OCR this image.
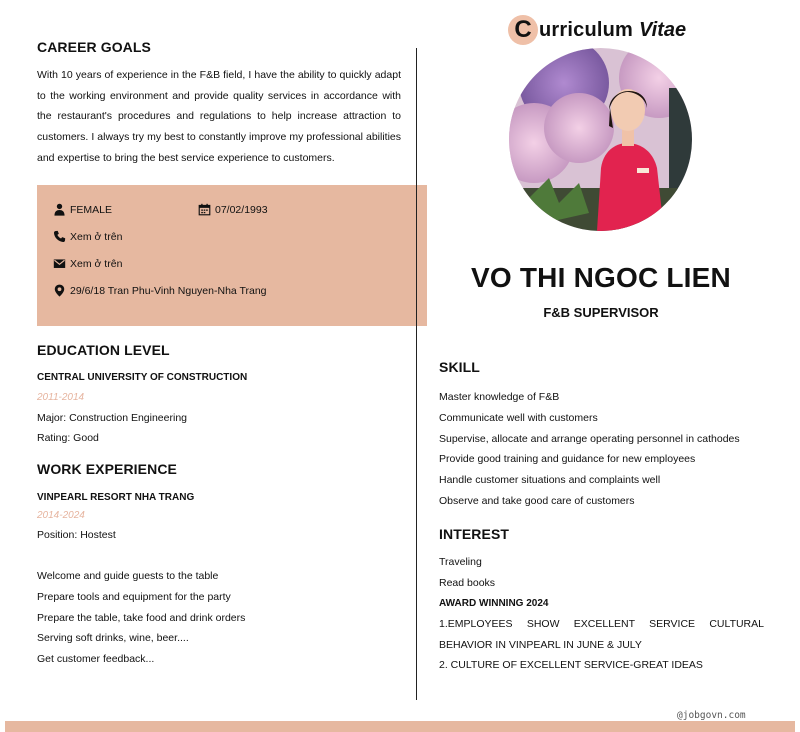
CAREER GOALS

With 10 years of experience in the F&B field, I have the ability to quickly adapt to the working environment and provide quality services in accordance with the restaurant's procedures and regulations to help increase attraction to customers. I always try my best to constantly improve my professional abilities and expertise to bring the best service experience to customers.

FEMALE	07/02/1993
Xem ở trên
Xem ở trên
29/6/18 Tran Phu-Vinh Nguyen-Nha Trang
EDUCATION LEVEL
CENTRAL UNIVERSITY OF CONSTRUCTION
2011-2014
Major: Construction Engineering
Rating: Good
WORK EXPERIENCE
VINPEARL RESORT NHA TRANG
2014-2024
Position: Hostest
Welcome and guide guests to the table
Prepare tools and equipment for the party
Prepare the table, take food and drink orders
Serving soft drinks, wine, beer....
Get customer feedback...
C urriculum Vitae
VO THI NGOC LIEN
F&B SUPERVISOR
SKILL
Master knowledge of F&B
Communicate well with customers
Supervise, allocate and arrange operating personnel in cathodes
Provide good training and guidance for new employees
Handle customer situations and complaints well
Observe and take good care of customers
INTEREST
Traveling
Read books
AWARD WINNING 2024
1.EMPLOYEES SHOW EXCELLENT SERVICE CULTURAL BEHAVIOR IN VINPEARL IN JUNE & JULY
2. CULTURE OF EXCELLENT SERVICE-GREAT IDEAS
@jobgovn.com
